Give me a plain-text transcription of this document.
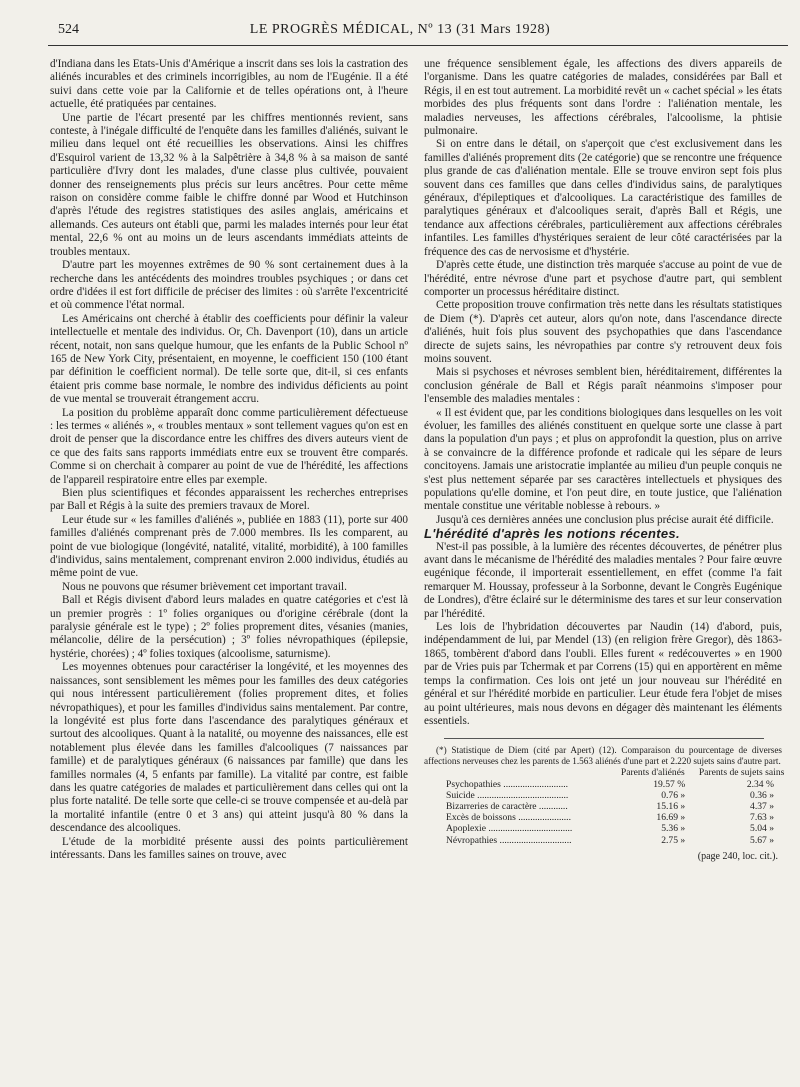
524	LE PROGRÈS MÉDICAL, Nº 13 (31 Mars 1928)

d'Indiana dans les Etats-Unis d'Amérique a inscrit dans ses lois la castration des aliénés incurables et des criminels incorrigibles, au nom de l'Eugénie. Il a été suivi dans cette voie par la Californie et de telles opérations ont, à l'heure actuelle, été pratiquées par centaines.

Une partie de l'écart presenté par les chiffres mentionnés revient, sans conteste, à l'inégale difficulté de l'enquête dans les familles d'aliénés, suivant le milieu dans lequel ont été recueillies les observations. Ainsi les chiffres d'Esquirol varient de 13,32 % à la Salpêtrière à 34,8 % à sa maison de santé particulière d'Ivry dont les malades, d'une classe plus cultivée, pouvaient donner des renseignements plus précis sur leurs ancêtres. Pour cette même raison on considère comme faible le chiffre donné par Wood et Hutchinson d'après l'étude des registres statistiques des asiles anglais, américains et allemands. Ces auteurs ont établi que, parmi les malades internés pour leur état mental, 22,6 % ont au moins un de leurs ascendants immédiats atteints de troubles mentaux.

D'autre part les moyennes extrêmes de 90 % sont certainement dues à la recherche dans les antécédents des moindres troubles psychiques ; or dans cet ordre d'idées il est fort difficile de préciser des limites : où s'arrête l'excentricité et où commence l'état normal.

Les Américains ont cherché à établir des coefficients pour définir la valeur intellectuelle et mentale des individus. Or, Ch. Davenport (10), dans un article récent, notait, non sans quelque humour, que les enfants de la Public School nº 165 de New York City, présentaient, en moyenne, le coefficient 150 (100 étant par définition le coefficient normal). De telle sorte que, dit-il, si ces enfants étaient pris comme base normale, le nombre des individus déficients au point de vue mental se trouverait étrangement accru.

La position du problème apparaît donc comme particulièrement défectueuse : les termes « aliénés », « troubles mentaux » sont tellement vagues qu'on est en droit de penser que la discordance entre les chiffres des divers auteurs vient de ce que des faits sans rapports immédiats entre eux se trouvent être comparés. Comme si on cherchait à comparer au point de vue de l'hérédité, les affections de l'appareil respiratoire entre elles par exemple.

Bien plus scientifiques et fécondes apparaissent les recherches entreprises par Ball et Régis à la suite des premiers travaux de Morel.

Leur étude sur « les familles d'aliénés », publiée en 1883 (11), porte sur 400 familles d'aliénés comprenant près de 7.000 membres. Ils les comparent, au point de vue biologique (longévité, natalité, vitalité, morbidité), à 100 familles d'individus, sains mentalement, comprenant environ 2.000 individus, étudiés au même point de vue.

Nous ne pouvons que résumer brièvement cet important travail.

Ball et Régis divisent d'abord leurs malades en quatre catégories et c'est là un premier progrès : 1º folies organiques ou d'origine cérébrale (dont la paralysie générale est le type) ; 2º folies proprement dites, vésanies (manies, mélancolie, délire de la persécution) ; 3º folies névropathiques (épilepsie, hystérie, chorées) ; 4º folies toxiques (alcoolisme, saturnisme).

Les moyennes obtenues pour caractériser la longévité, et les moyennes des naissances, sont sensiblement les mêmes pour les familles des deux catégories qui nous intéressent particulièrement (folies proprement dites, et folies névropathiques), et pour les familles d'individus sains mentalement. Par contre, la longévité est plus forte dans l'ascendance des paralytiques généraux et surtout des alcooliques. Quant à la natalité, ou moyenne des naissances, elle est notablement plus élevée dans les familles d'alcooliques (7 naissances par famille) et de paralytiques généraux (6 naissances par famille) que dans les familles normales (4, 5 enfants par famille). La vitalité par contre, est faible dans les quatre catégories de malades et particulièrement dans celles qui ont la plus forte natalité. De telle sorte que celle-ci se trouve compensée et au-delà par la mortalité infantile (entre 0 et 3 ans) qui atteint jusqu'à 80 % dans la descendance des alcooliques.

L'étude de la morbidité présente aussi des points particulièrement intéressants. Dans les familles saines on trouve, avec

une fréquence sensiblement égale, les affections des divers appareils de l'organisme. Dans les quatre catégories de malades, considérées par Ball et Régis, il en est tout autrement. La morbidité revêt un « cachet spécial » les états morbides des plus fréquents sont dans l'ordre : l'aliénation mentale, les maladies nerveuses, les affections cérébrales, l'alcoolisme, la phtisie pulmonaire.

Si on entre dans le détail, on s'aperçoit que c'est exclusivement dans les familles d'aliénés proprement dits (2e catégorie) que se rencontre une fréquence plus grande de cas d'aliénation mentale. Elle se trouve environ sept fois plus souvent dans ces familles que dans celles d'individus sains, de paralytiques généraux, d'épileptiques et d'alcooliques. La caractéristique des familles de paralytiques généraux et d'alcooliques serait, d'après Ball et Régis, une tendance aux affections cérébrales, particulièrement aux affections cérébrales infantiles. Les familles d'hystériques seraient de leur côté caractérisées par la fréquence des cas de nervosisme et d'hystérie.

D'après cette étude, une distinction très marquée s'accuse au point de vue de l'hérédité, entre névrose d'une part et psychose d'autre part, qui semblent comporter un processus héréditaire distinct.

Cette proposition trouve confirmation très nette dans les résultats statistiques de Diem (*). D'après cet auteur, alors qu'on note, dans l'ascendance directe d'aliénés, huit fois plus souvent des psychopathies que dans l'ascendance directe de sujets sains, les névropathies par contre s'y retrouvent deux fois moins souvent.

Mais si psychoses et névroses semblent bien, héréditairement, différentes la conclusion générale de Ball et Régis paraît néanmoins s'imposer pour l'ensemble des maladies mentales :

« Il est évident que, par les conditions biologiques dans lesquelles on les voit évoluer, les familles des aliénés constituent en quelque sorte une classe à part dans la population d'un pays ; et plus on approfondit la question, plus on arrive à se convaincre de la différence profonde et radicale qui les sépare de leurs concitoyens. Jamais une aristocratie implantée au milieu d'un peuple conquis ne s'est plus nettement séparée par ses caractères intellectuels et physiques des populations qu'elle domine, et l'on peut dire, en toute justice, que l'aliénation mentale constitue une véritable noblesse à rebours. »

Jusqu'à ces dernières années une conclusion plus précise aurait été difficile.

L'hérédité d'après les notions récentes.

N'est-il pas possible, à la lumière des récentes découvertes, de pénétrer plus avant dans le mécanisme de l'hérédité des maladies mentales ? Pour faire œuvre eugénique féconde, il importerait essentiellement, en effet (comme l'a fait remarquer M. Houssay, professeur à la Sorbonne, devant le Congrès Eugénique de Londres), d'être éclairé sur le déterminisme des tares et sur leur conservation par l'hérédité.

Les lois de l'hybridation découvertes par Naudin (14) d'abord, puis, indépendamment de lui, par Mendel (13) (en religion frère Gregor), dès 1863-1865, tombèrent d'abord dans l'oubli. Elles furent « redécouvertes » en 1900 par de Vries puis par Tchermak et par Correns (15) qui en apportèrent en même temps la confirmation. Ces lois ont jeté un jour nouveau sur l'hérédité en général et sur l'hérédité morbide en particulier. Leur étude fera l'objet de mises au point ultérieures, mais nous devons en dégager dès maintenant les éléments essentiels.

(*) Statistique de Diem (cité par Apert) (12). Comparaison du pourcentage de diverses affections nerveuses chez les parents de 1.563 aliénés d'une part et 2.220 sujets sains d'autre part.

	Parents d'aliénés	Parents de sujets sains
Psychopathies ...........................	19.57 %	2.34 %
Suicide ......................................	0.76 »	0.36 »
Bizarreries de caractère ............	15.16 »	4.37 »
Excès de boissons ......................	16.69 »	7.63 »
Apoplexie ...................................	5.36 »	5.04 »
Névropathies ..............................	2.75 »	5.67 »
(page 240, loc. cit.).
